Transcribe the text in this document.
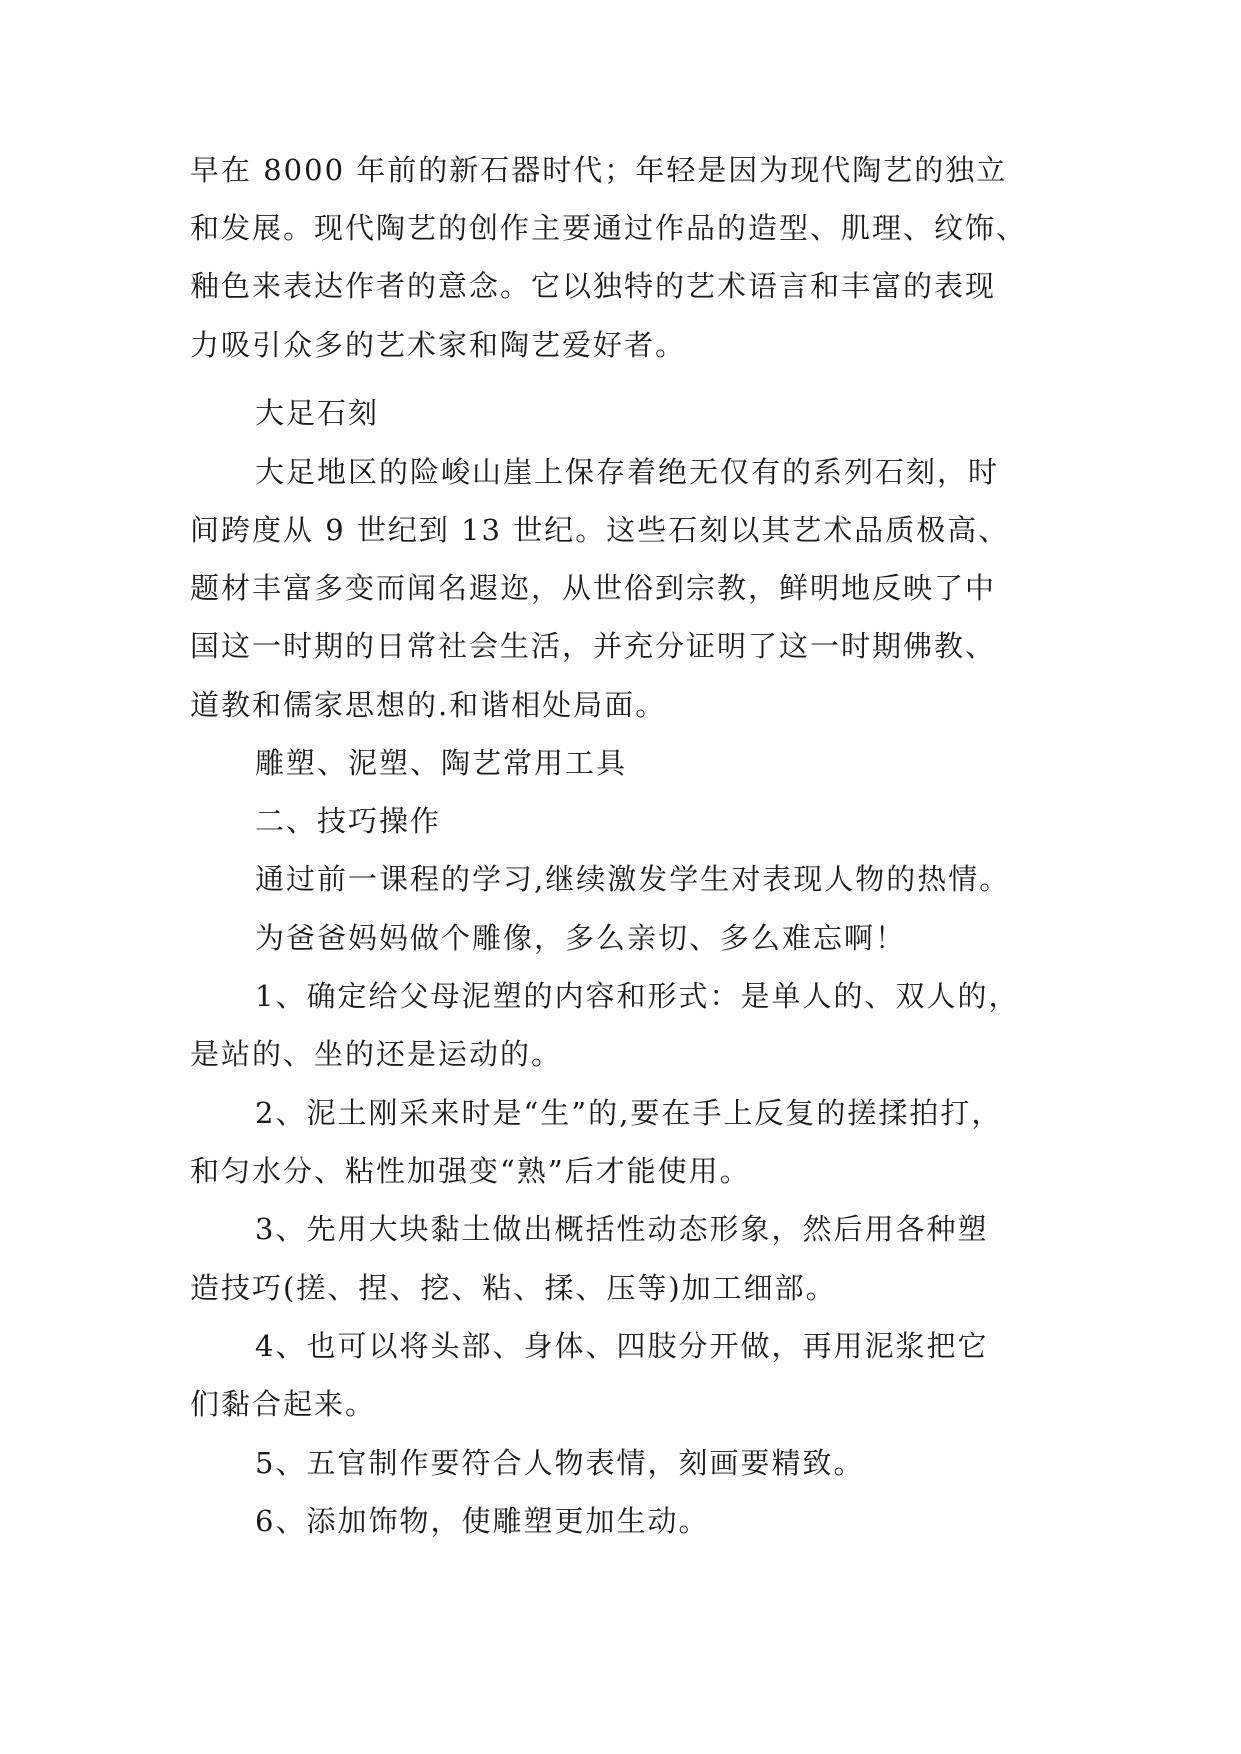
早在 8000 年前的新石器时代；年轻是因为现代陶艺的独立

和发展。现代陶艺的创作主要通过作品的造型、肌理、纹饰、

釉色来表达作者的意念。它以独特的艺术语言和丰富的表现

力吸引众多的艺术家和陶艺爱好者。

大足石刻

大足地区的险峻山崖上保存着绝无仅有的系列石刻，时

间跨度从 9 世纪到 13 世纪。这些石刻以其艺术品质极高、

题材丰富多变而闻名遐迩，从世俗到宗教，鲜明地反映了中

国这一时期的日常社会生活，并充分证明了这一时期佛教、

道教和儒家思想的.和谐相处局面。

雕塑、泥塑、陶艺常用工具

二、技巧操作

通过前一课程的学习,继续激发学生对表现人物的热情。

为爸爸妈妈做个雕像，多么亲切、多么难忘啊！

1、确定给父母泥塑的内容和形式：是单人的、双人的，

是站的、坐的还是运动的。

2、泥土刚采来时是“生”的,要在手上反复的搓揉拍打，

和匀水分、粘性加强变“熟”后才能使用。

3、先用大块黏土做出概括性动态形象，然后用各种塑

造技巧(搓、捏、挖、粘、揉、压等)加工细部。

4、也可以将头部、身体、四肢分开做，再用泥浆把它

们黏合起来。

5、五官制作要符合人物表情，刻画要精致。

6、添加饰物，使雕塑更加生动。
